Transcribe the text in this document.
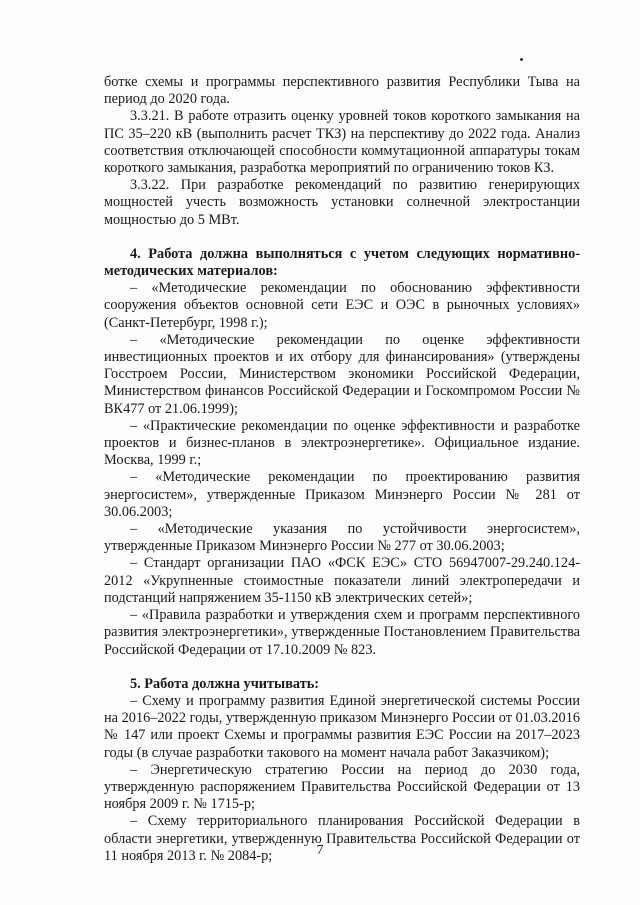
ботке схемы и программы перспективного развития Республики Тыва на период до 2020 года.

3.3.21. В работе отразить оценку уровней токов короткого замыкания на ПС 35–220 кВ (выполнить расчет ТКЗ) на перспективу до 2022 года. Анализ соответствия отключающей способности коммутационной аппаратуры токам короткого замыкания, разработка мероприятий по ограничению токов КЗ.

3.3.22. При разработке рекомендаций по развитию генерирующих мощностей учесть возможность установки солнечной электростанции мощностью до 5 МВт.

4. Работа должна выполняться с учетом следующих нормативно-методических материалов:

– «Методические рекомендации по обоснованию эффективности сооружения объектов основной сети ЕЭС и ОЭС в рыночных условиях» (Санкт-Петербург, 1998 г.);

– «Методические рекомендации по оценке эффективности инвестиционных проектов и их отбору для финансирования» (утверждены Госстроем России, Министерством экономики Российской Федерации, Министерством финансов Российской Федерации и Госкомпромом России № ВК477 от 21.06.1999);

– «Практические рекомендации по оценке эффективности и разработке проектов и бизнес-планов в электроэнергетике». Официальное издание. Москва, 1999 г.;

– «Методические рекомендации по проектированию развития энергосистем», утвержденные Приказом Минэнерго России № 281 от 30.06.2003;

– «Методические указания по устойчивости энергосистем», утвержденные Приказом Минэнерго России № 277 от 30.06.2003;

– Стандарт организации ПАО «ФСК ЕЭС» СТО 56947007-29.240.124-2012 «Укрупненные стоимостные показатели линий электропередачи и подстанций напряжением 35-1150 кВ электрических сетей»;

– «Правила разработки и утверждения схем и программ перспективного развития электроэнергетики», утвержденные Постановлением Правительства Российской Федерации от 17.10.2009 № 823.

5. Работа должна учитывать:

– Схему и программу развития Единой энергетической системы России на 2016–2022 годы, утвержденную приказом Минэнерго России от 01.03.2016 № 147 или проект Схемы и программы развития ЕЭС России на 2017–2023 годы (в случае разработки такового на момент начала работ Заказчиком);

– Энергетическую стратегию России на период до 2030 года, утвержденную распоряжением Правительства Российской Федерации от 13 ноября 2009 г. № 1715-р;

– Схему территориального планирования Российской Федерации в области энергетики, утвержденную Правительства Российской Федерации от 11 ноября 2013 г. № 2084-р;	7
